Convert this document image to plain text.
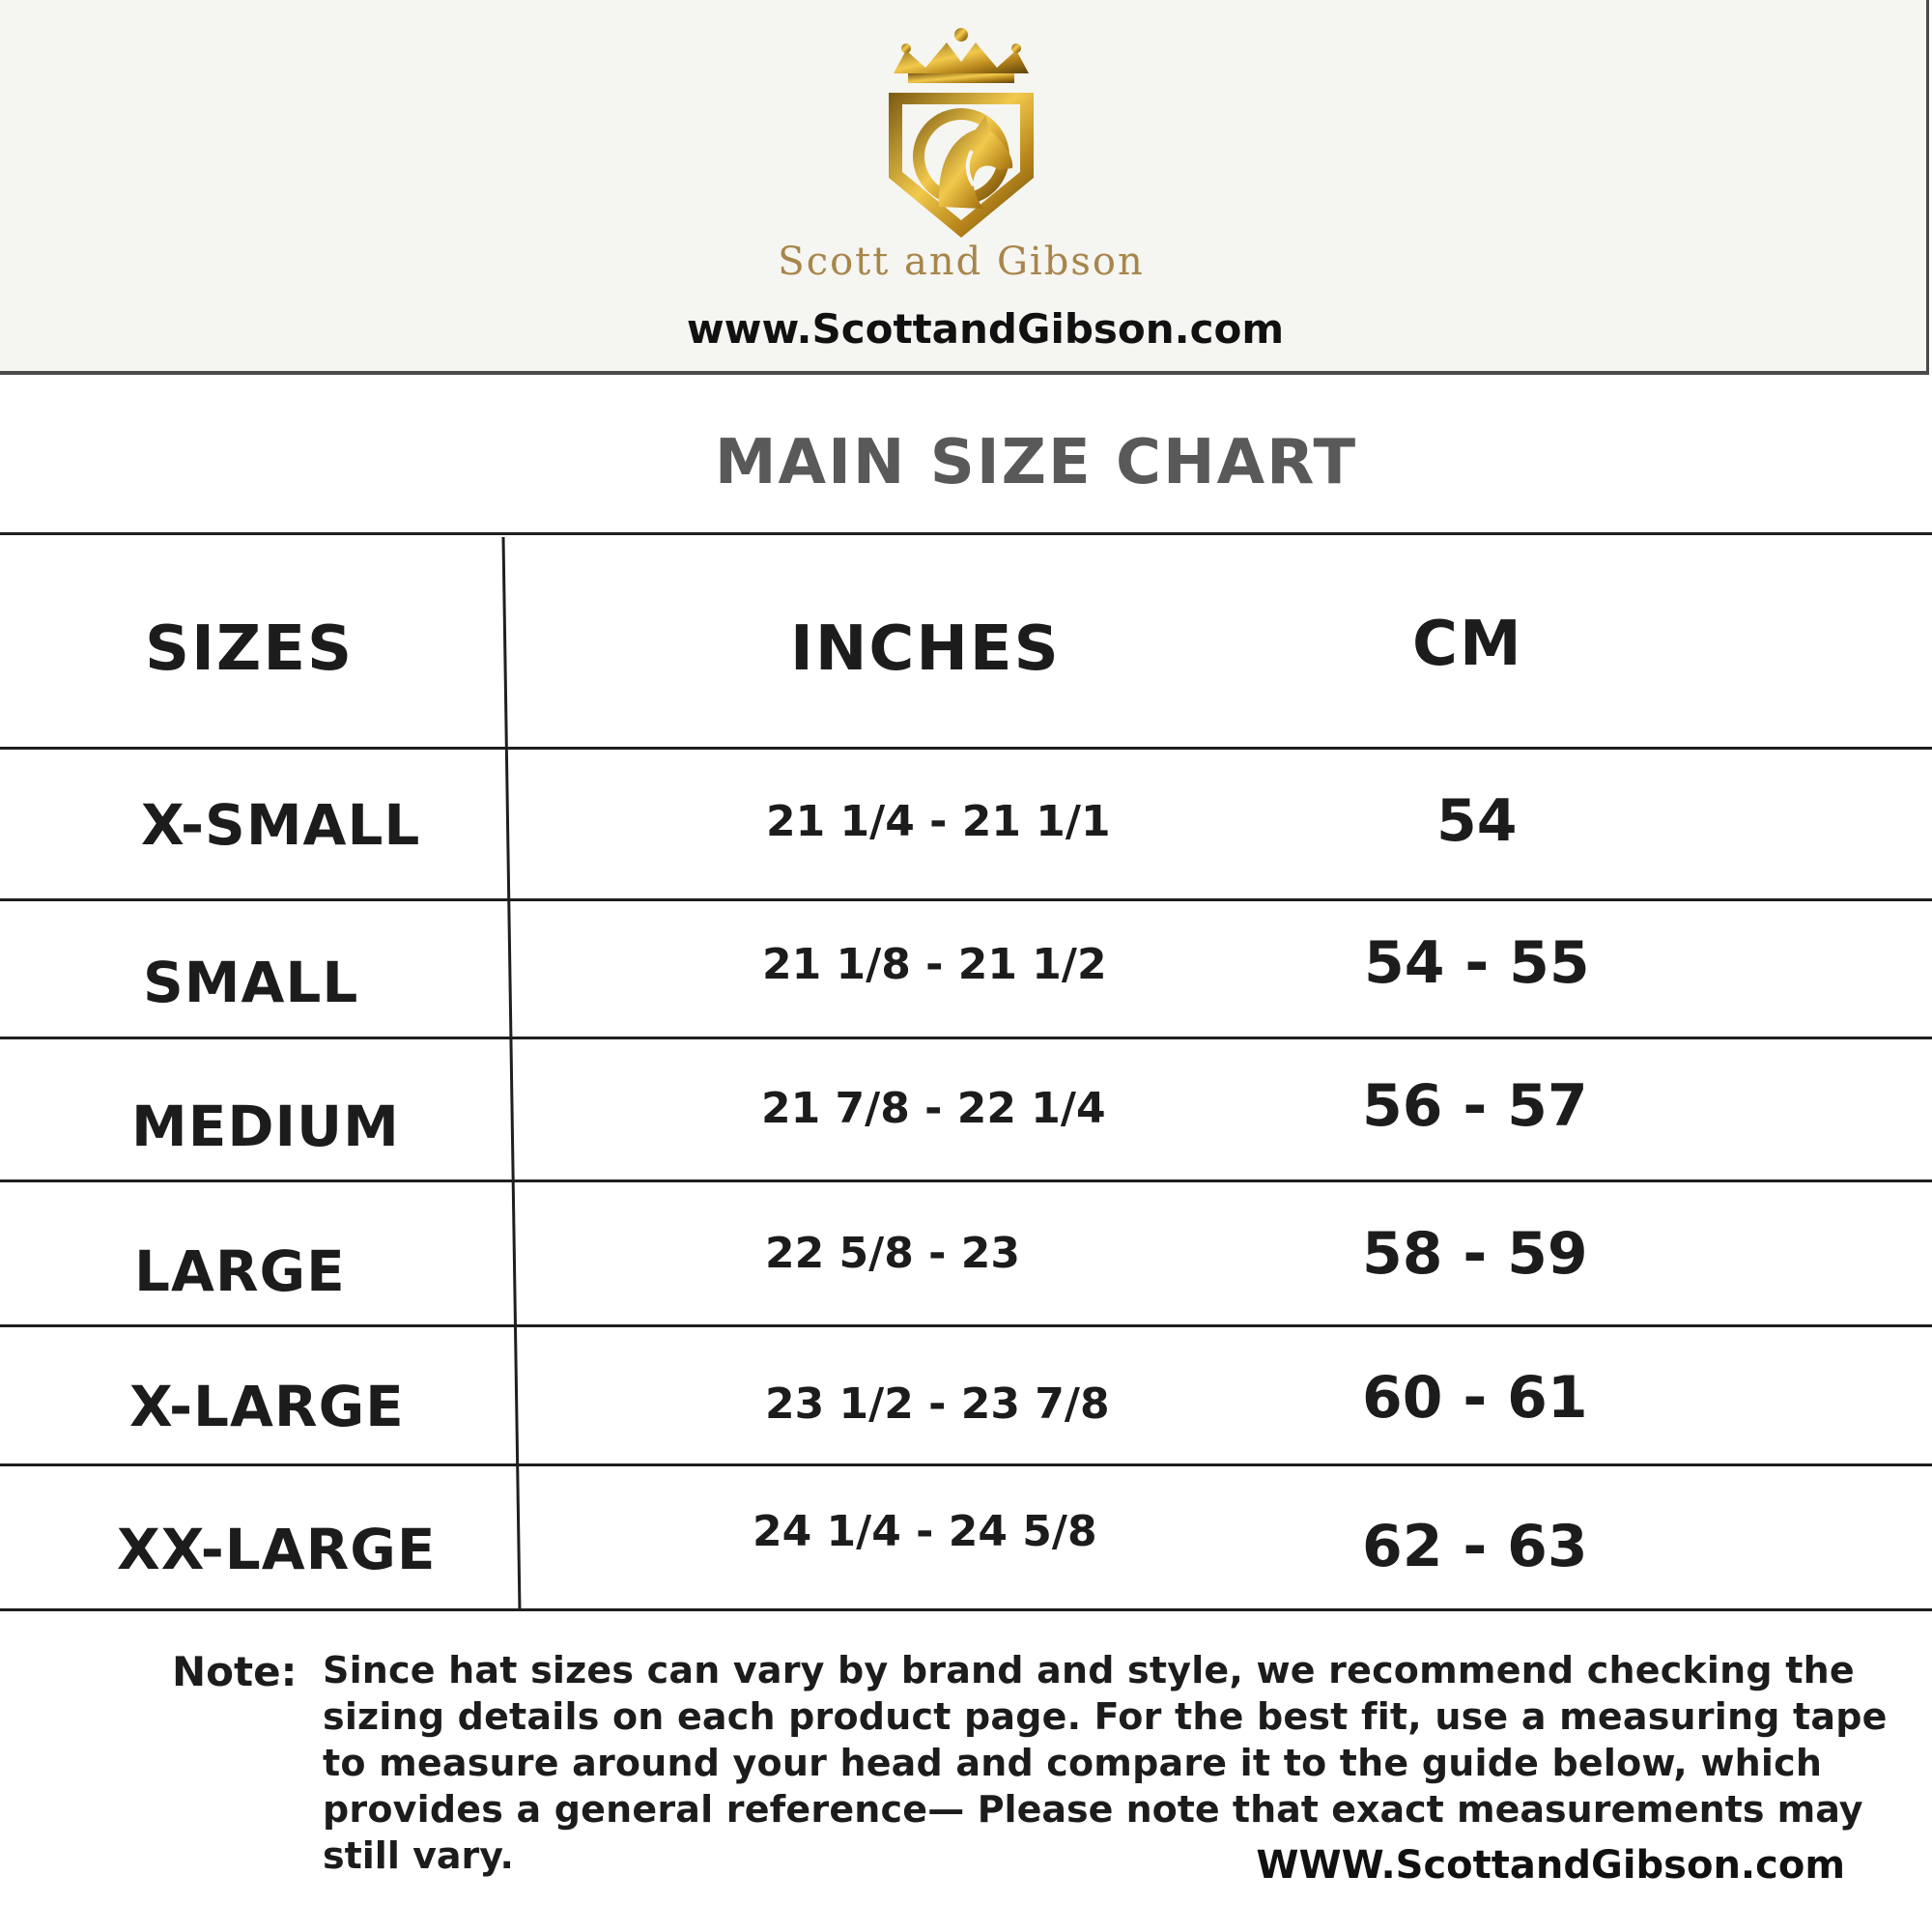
Scott and Gibson
www.ScottandGibson.com
MAIN SIZE CHART
SIZES	INCHES	CM
X-SMALL	21 1/4 - 21 1/1	54
SMALL	21 1/8 - 21 1/2	54 - 55
MEDIUM	21 7/8 - 22 1/4	56 - 57
LARGE	22 5/8 - 23	58 - 59
X-LARGE	23 1/2 - 23 7/8	60 - 61
XX-LARGE	24 1/4 - 24 5/8	62 - 63
Note: Since hat sizes can vary by brand and style, we recommend checking the sizing details on each product page. For the best fit, use a measuring tape to measure around your head and compare it to the guide below, which provides a general reference— Please note that exact measurements may still vary.	WWW.ScottandGibson.com
